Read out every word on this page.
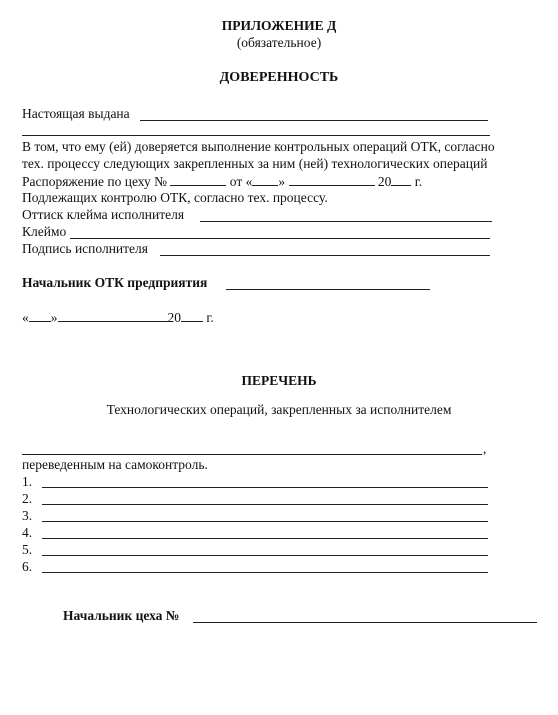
ПРИЛОЖЕНИЕ Д
(обязательное)
ДОВЕРЕННОСТЬ
Настоящая выдана
В том, что ему (ей) доверяется выполнение контрольных операций ОТК, согласно
тех. процессу следующих закрепленных за ним (ней) технологических операций
Распоряжение по цеху №	от « »	20 г.
Подлежащих контролю ОТК, согласно тех. процессу.
Оттиск клейма исполнителя
Клеймо
Подпись исполнителя
Начальник ОТК предприятия
« »	20 г.
ПЕРЕЧЕНЬ
Технологических операций, закрепленных за исполнителем
,
переведенным на самоконтроль.
1.
2.
3.
4.
5.
6.
Начальник цеха №
